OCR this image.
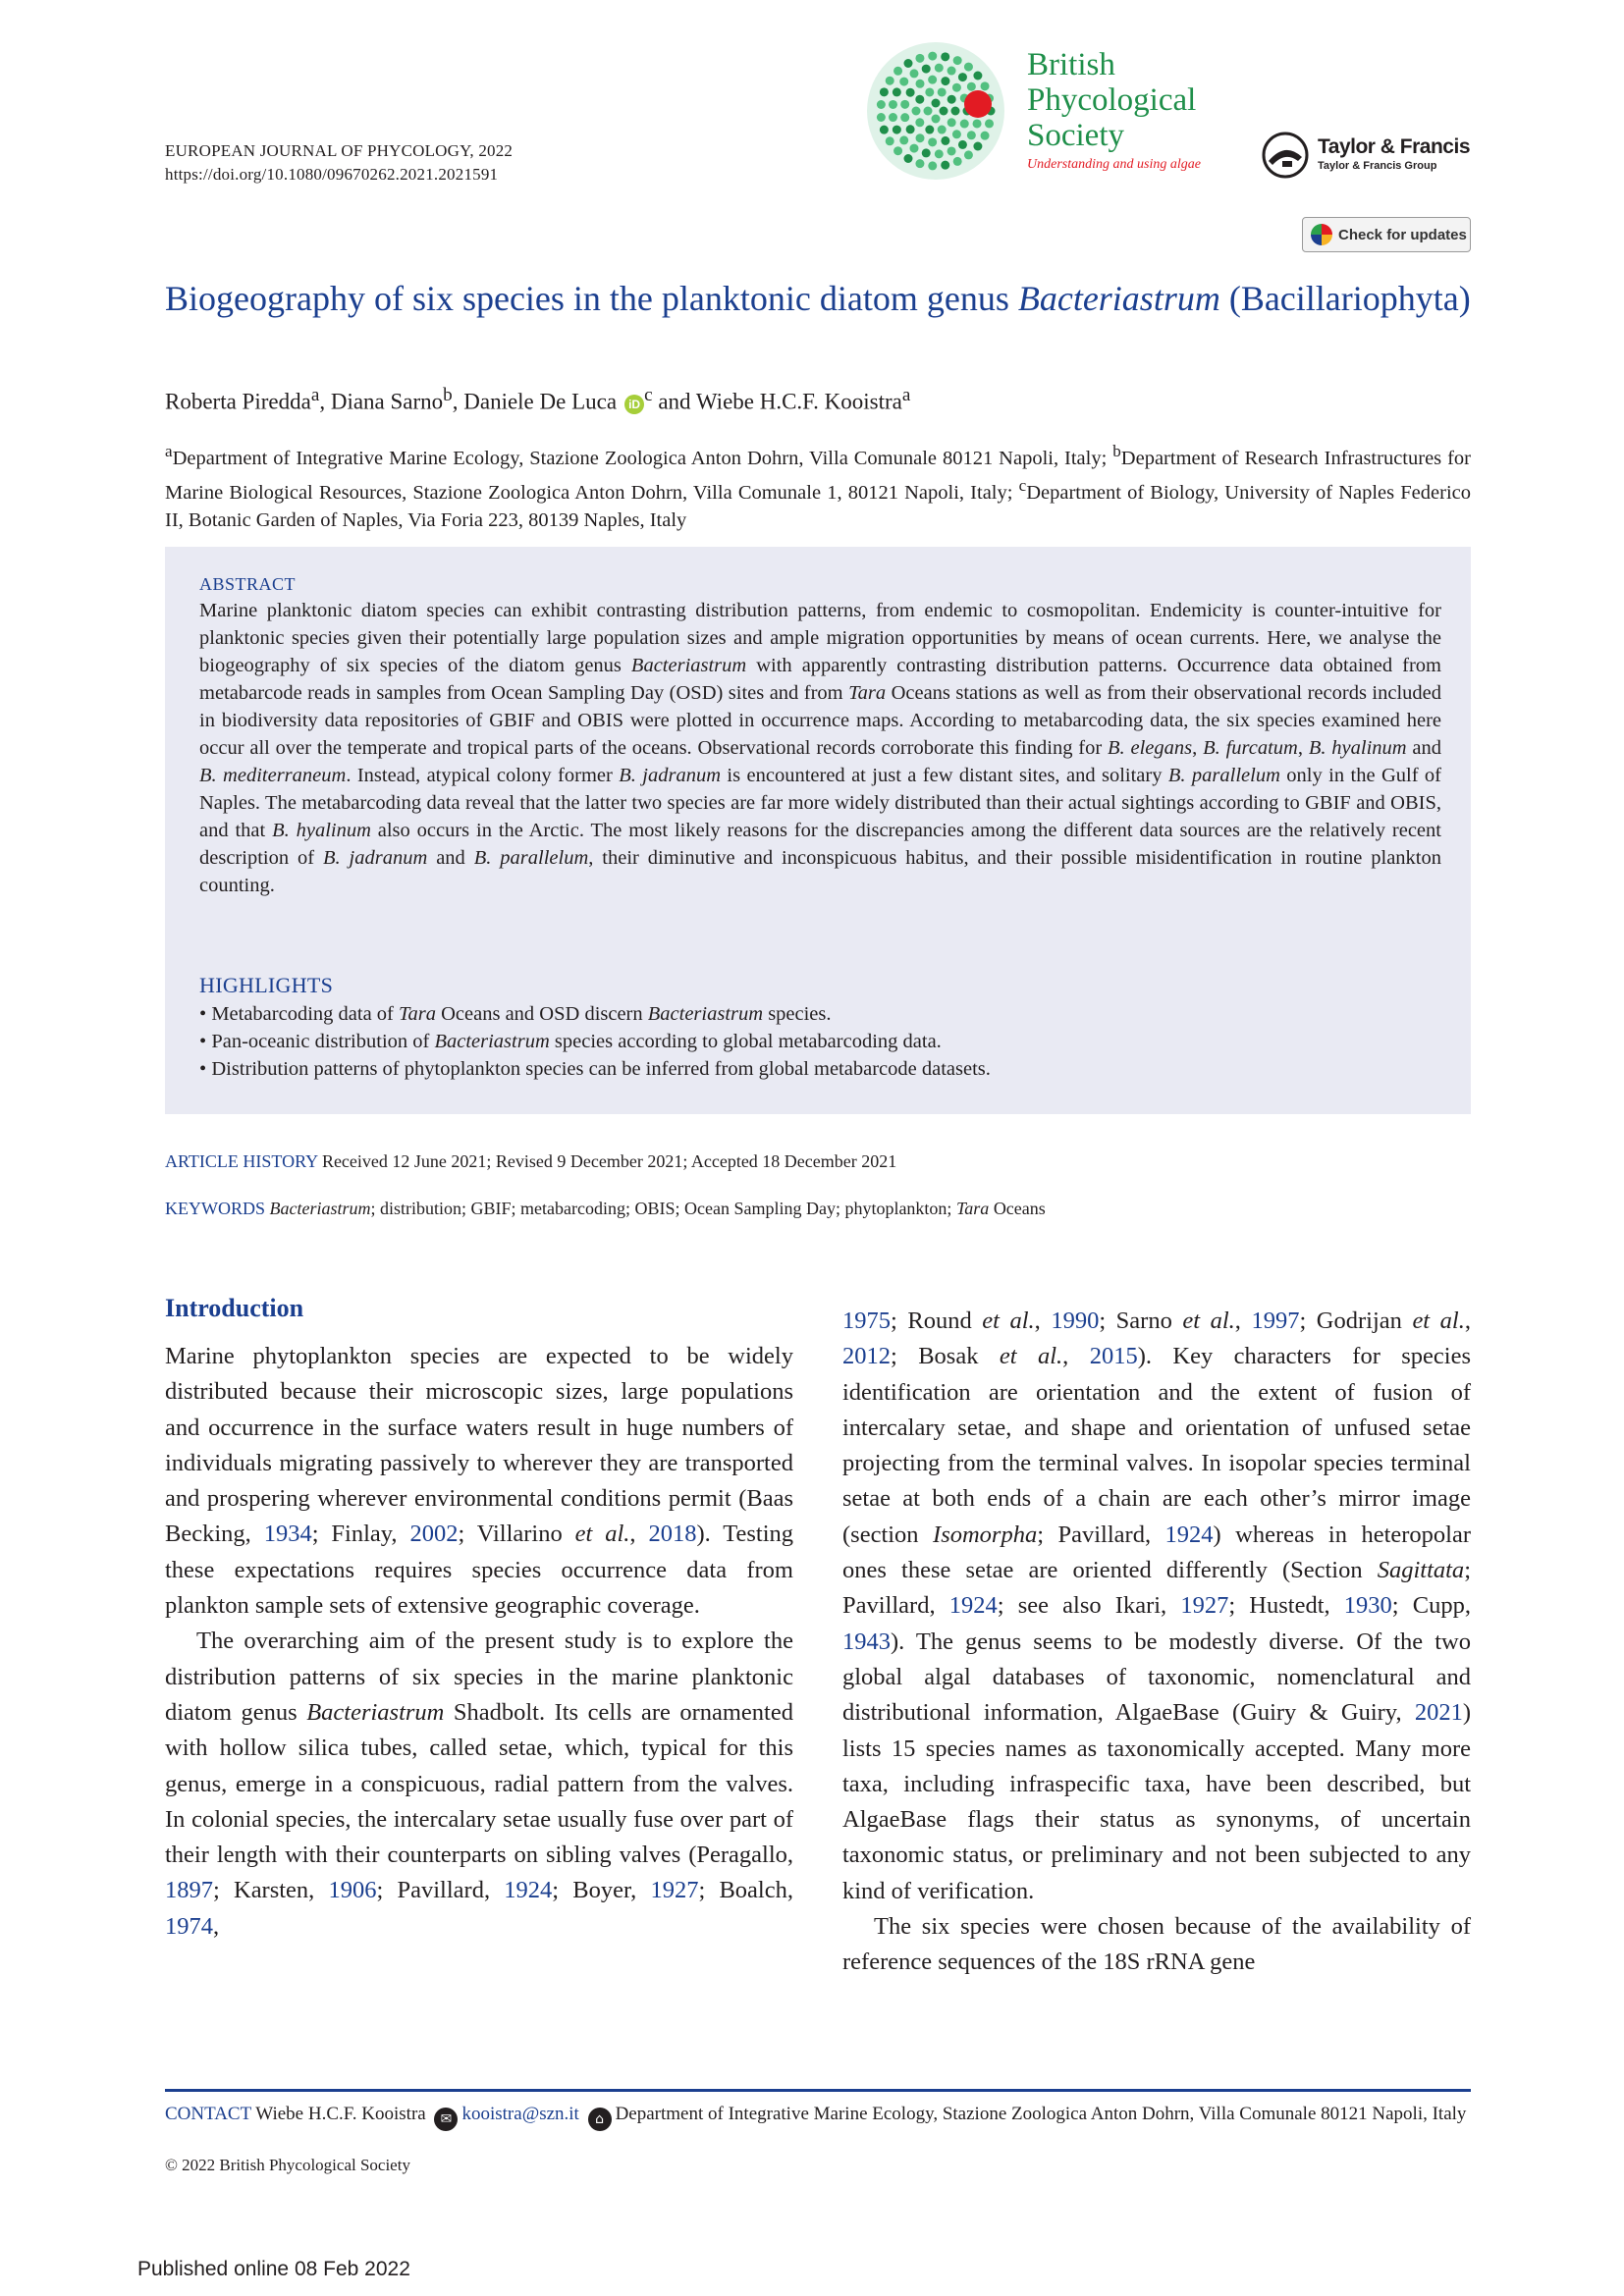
EUROPEAN JOURNAL OF PHYCOLOGY, 2022
https://doi.org/10.1080/09670262.2021.2021591
British
Phycological
Society
Understanding and using algae
Taylor & Francis
Taylor & Francis Group
Check for updates
Biogeography of six species in the planktonic diatom genus Bacteriastrum (Bacillariophyta)
Roberta Piredda$^a$, Diana Sarno$^b$, Daniele De Luca iD $^c$ and Wiebe H.C.F. Kooistra$^a$
$^a$Department of Integrative Marine Ecology, Stazione Zoologica Anton Dohrn, Villa Comunale 80121 Napoli, Italy; $^b$Department of Research Infrastructures for Marine Biological Resources, Stazione Zoologica Anton Dohrn, Villa Comunale 1, 80121 Napoli, Italy; $^c$Department of Biology, University of Naples Federico II, Botanic Garden of Naples, Via Foria 223, 80139 Naples, Italy
ABSTRACT
Marine planktonic diatom species can exhibit contrasting distribution patterns, from endemic to cosmopolitan. Endemicity is counter-intuitive for planktonic species given their potentially large population sizes and ample migration opportunities by means of ocean currents. Here, we analyse the biogeography of six species of the diatom genus Bacteriastrum with apparently contrasting distribution patterns. Occurrence data obtained from metabarcode reads in samples from Ocean Sampling Day (OSD) sites and from Tara Oceans stations as well as from their observational records included in biodiversity data repositories of GBIF and OBIS were plotted in occurrence maps. According to metabarcoding data, the six species examined here occur all over the temperate and tropical parts of the oceans. Observational records corroborate this finding for B. elegans, B. furcatum, B. hyalinum and B. mediterraneum. Instead, atypical colony former B. jadranum is encountered at just a few distant sites, and solitary B. parallelum only in the Gulf of Naples. The metabarcoding data reveal that the latter two species are far more widely distributed than their actual sightings according to GBIF and OBIS, and that B. hyalinum also occurs in the Arctic. The most likely reasons for the discrepancies among the different data sources are the relatively recent description of B. jadranum and B. parallelum, their diminutive and inconspicuous habitus, and their possible misidentification in routine plankton counting.
HIGHLIGHTS
• Metabarcoding data of Tara Oceans and OSD discern Bacteriastrum species.
• Pan-oceanic distribution of Bacteriastrum species according to global metabarcoding data.
• Distribution patterns of phytoplankton species can be inferred from global metabarcode datasets.
ARTICLE HISTORY Received 12 June 2021; Revised 9 December 2021; Accepted 18 December 2021
KEYWORDS Bacteriastrum; distribution; GBIF; metabarcoding; OBIS; Ocean Sampling Day; phytoplankton; Tara Oceans
Introduction

Marine phytoplankton species are expected to be widely distributed because their microscopic sizes, large populations and occurrence in the surface waters result in huge numbers of individuals migrating passively to wherever they are transported and prospering wherever environmental conditions permit (Baas Becking, 1934; Finlay, 2002; Villarino et al., 2018). Testing these expectations requires species occurrence data from plankton sample sets of extensive geographic coverage.

The overarching aim of the present study is to explore the distribution patterns of six species in the marine planktonic diatom genus Bacteriastrum Shadbolt. Its cells are ornamented with hollow silica tubes, called setae, which, typical for this genus, emerge in a conspicuous, radial pattern from the valves. In colonial species, the intercalary setae usually fuse over part of their length with their counterparts on sibling valves (Peragallo, 1897; Karsten, 1906; Pavillard, 1924; Boyer, 1927; Boalch, 1974,

1975; Round et al., 1990; Sarno et al., 1997; Godrijan et al., 2012; Bosak et al., 2015). Key characters for species identification are orientation and the extent of fusion of intercalary setae, and shape and orientation of unfused setae projecting from the terminal valves. In isopolar species terminal setae at both ends of a chain are each other’s mirror image (section Isomorpha; Pavillard, 1924) whereas in heteropolar ones these setae are oriented differently (Section Sagittata; Pavillard, 1924; see also Ikari, 1927; Hustedt, 1930; Cupp, 1943). The genus seems to be modestly diverse. Of the two global algal databases of taxonomic, nomenclatural and distributional information, AlgaeBase (Guiry & Guiry, 2021) lists 15 species names as taxonomically accepted. Many more taxa, including infraspecific taxa, have been described, but AlgaeBase flags their status as synonyms, of uncertain taxonomic status, or preliminary and not been subjected to any kind of verification.

The six species were chosen because of the availability of reference sequences of the 18S rRNA gene

CONTACT Wiebe H.C.F. Kooistra ✉ kooistra@szn.it ⌂ Department of Integrative Marine Ecology, Stazione Zoologica Anton Dohrn, Villa Comunale 80121 Napoli, Italy
© 2022 British Phycological Society
Published online 08 Feb 2022
